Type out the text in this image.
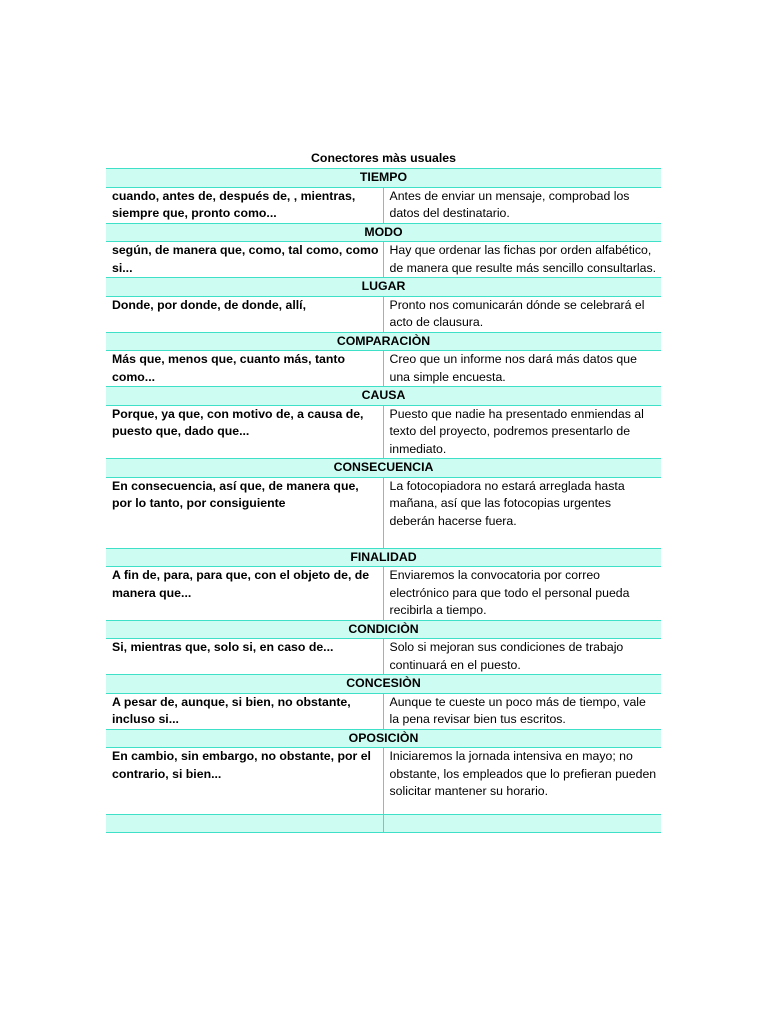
Conectores màs usuales	
TIEMPO	
cuando, antes de, después de, , mientras, siempre que, pronto como...	Antes de enviar un mensaje, comprobad los datos del destinatario.
MODO	
según, de manera que, como, tal como, como si...	Hay que ordenar las fichas por orden alfabético, de manera que resulte más sencillo consultarlas.
LUGAR	
Donde, por donde, de donde, allí,	Pronto nos comunicarán dónde se celebrará el acto de clausura.
COMPARACIÒN	
Más que, menos que, cuanto más, tanto como...	Creo que un informe nos dará más datos que una simple encuesta.
CAUSA	
Porque, ya que, con motivo de, a causa de, puesto que, dado que...	Puesto que nadie ha presentado enmiendas al texto del proyecto, podremos presentarlo de inmediato.
CONSECUENCIA	
En consecuencia, así que, de manera que, por lo tanto, por consiguiente	La fotocopiadora no estará arreglada hasta mañana, así que las fotocopias urgentes deberán hacerse fuera.
FINALIDAD	
A fin de, para, para que, con el objeto de, de manera que...	Enviaremos la convocatoria por correo electrónico para que todo el personal pueda recibirla a tiempo.
CONDICIÒN	
Si, mientras que, solo si, en caso de...	Solo si mejoran sus condiciones de trabajo continuará en el puesto.
CONCESIÒN	
A pesar de, aunque, si bien, no obstante, incluso si...	Aunque te cueste un poco más de tiempo, vale la pena revisar bien tus escritos.
OPOSICIÒN	
En cambio, sin embargo, no obstante, por el contrario, si bien...	Iniciaremos la jornada intensiva en mayo; no obstante, los empleados que lo prefieran pueden solicitar mantener su horario.
